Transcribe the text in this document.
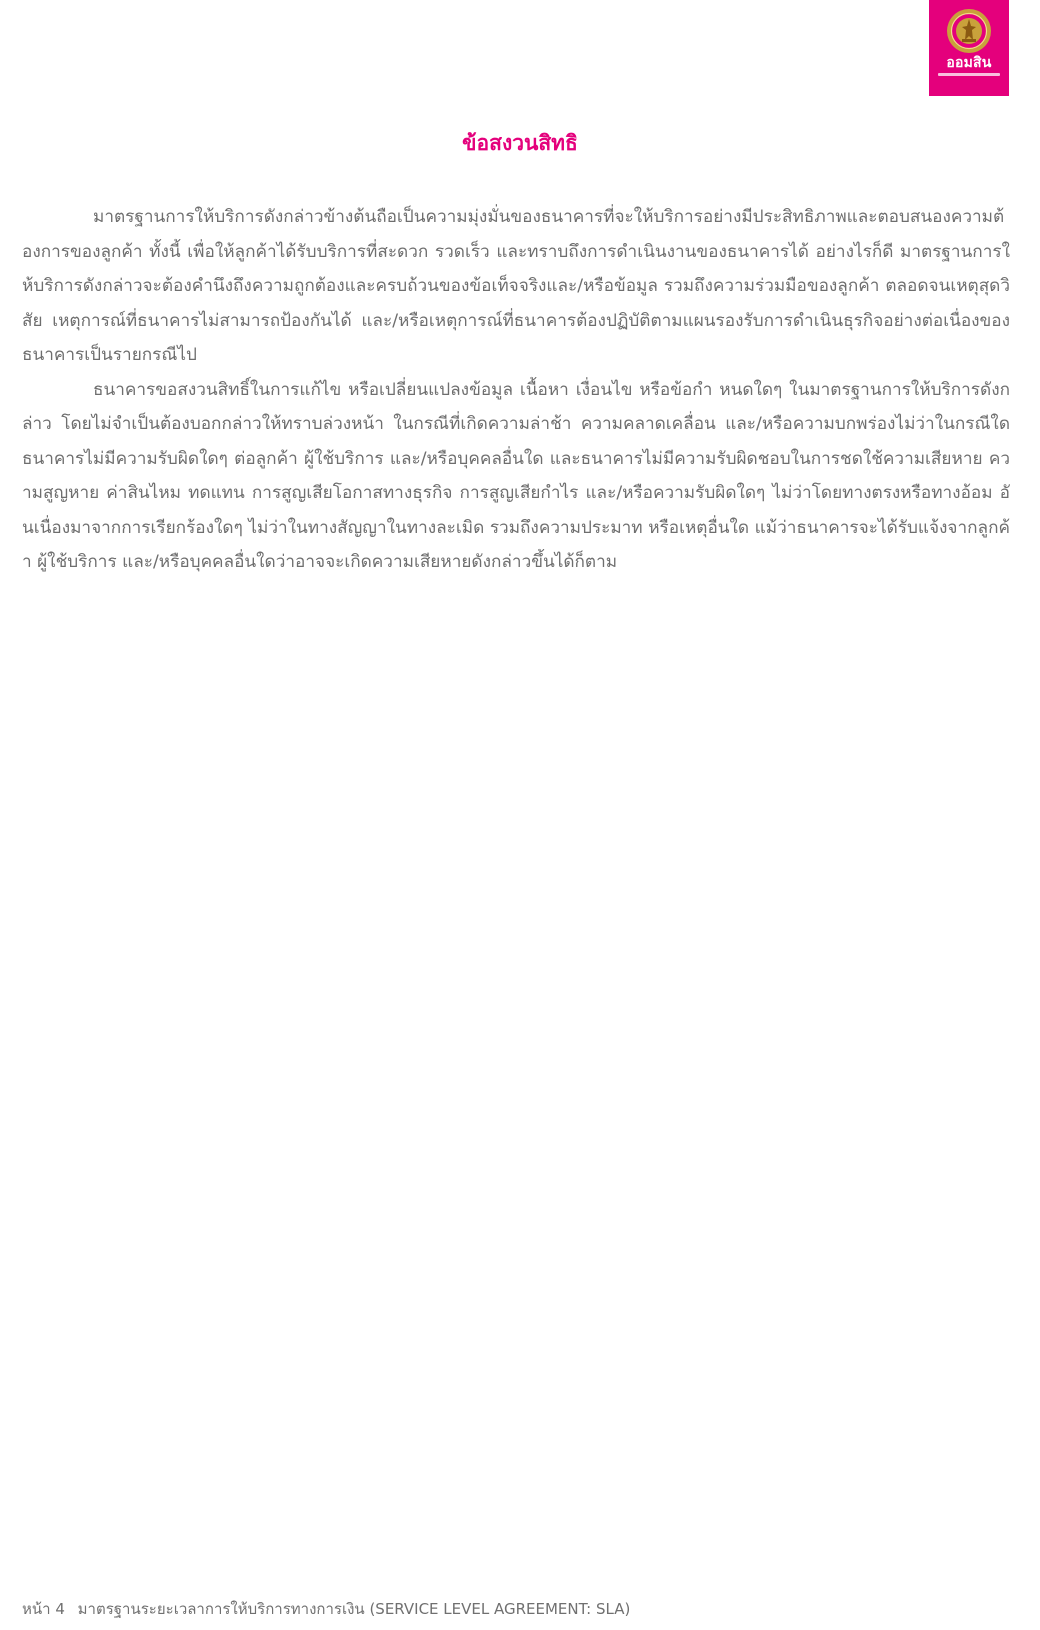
ออมสิน
ข้อสงวนสิทธิ

มาตรฐานการให้บริการดังกล่าวข้างต้นถือเป็นความมุ่งมั่นของธนาคารที่จะให้บริการอย่างมีประสิทธิภาพและตอบสนองความต้องการของลูกค้า ทั้งนี้ เพื่อให้ลูกค้าได้รับบริการที่สะดวก รวดเร็ว และทราบถึงการดำเนินงานของธนาคารได้ อย่างไรก็ดี มาตรฐานการให้บริการดังกล่าวจะต้องคำนึงถึงความถูกต้องและครบถ้วนของข้อเท็จจริงและ/หรือข้อมูล รวมถึงความร่วมมือของลูกค้า ตลอดจนเหตุสุดวิสัย เหตุการณ์ที่ธนาคารไม่สามารถป้องกันได้ และ/หรือเหตุการณ์ที่ธนาคารต้องปฏิบัติตามแผนรองรับการดำเนินธุรกิจอย่างต่อเนื่องของธนาคารเป็นรายกรณีไป

ธนาคารขอสงวนสิทธิ์ในการแก้ไข หรือเปลี่ยนแปลงข้อมูล เนื้อหา เงื่อนไข หรือข้อกำ หนดใดๆ ในมาตรฐานการให้บริการดังกล่าว โดยไม่จำเป็นต้องบอกกล่าวให้ทราบล่วงหน้า ในกรณีที่เกิดความล่าช้า ความคลาดเคลื่อน และ/หรือความบกพร่องไม่ว่าในกรณีใด ธนาคารไม่มีความรับผิดใดๆ ต่อลูกค้า ผู้ใช้บริการ และ/หรือบุคคลอื่นใด และธนาคารไม่มีความรับผิดชอบในการชดใช้ความเสียหาย ความสูญหาย ค่าสินไหม ทดแทน การสูญเสียโอกาสทางธุรกิจ การสูญเสียกำไร และ/หรือความรับผิดใดๆ ไม่ว่าโดยทางตรงหรือทางอ้อม อันเนื่องมาจากการเรียกร้องใดๆ ไม่ว่าในทางสัญญาในทางละเมิด รวมถึงความประมาท หรือเหตุอื่นใด แม้ว่าธนาคารจะได้รับแจ้งจากลูกค้า ผู้ใช้บริการ และ/หรือบุคคลอื่นใดว่าอาจจะเกิดความเสียหายดังกล่าวขึ้นได้ก็ตาม

หน้า 4 มาตรฐานระยะเวลาการให้บริการทางการเงิน (SERVICE LEVEL AGREEMENT: SLA)
